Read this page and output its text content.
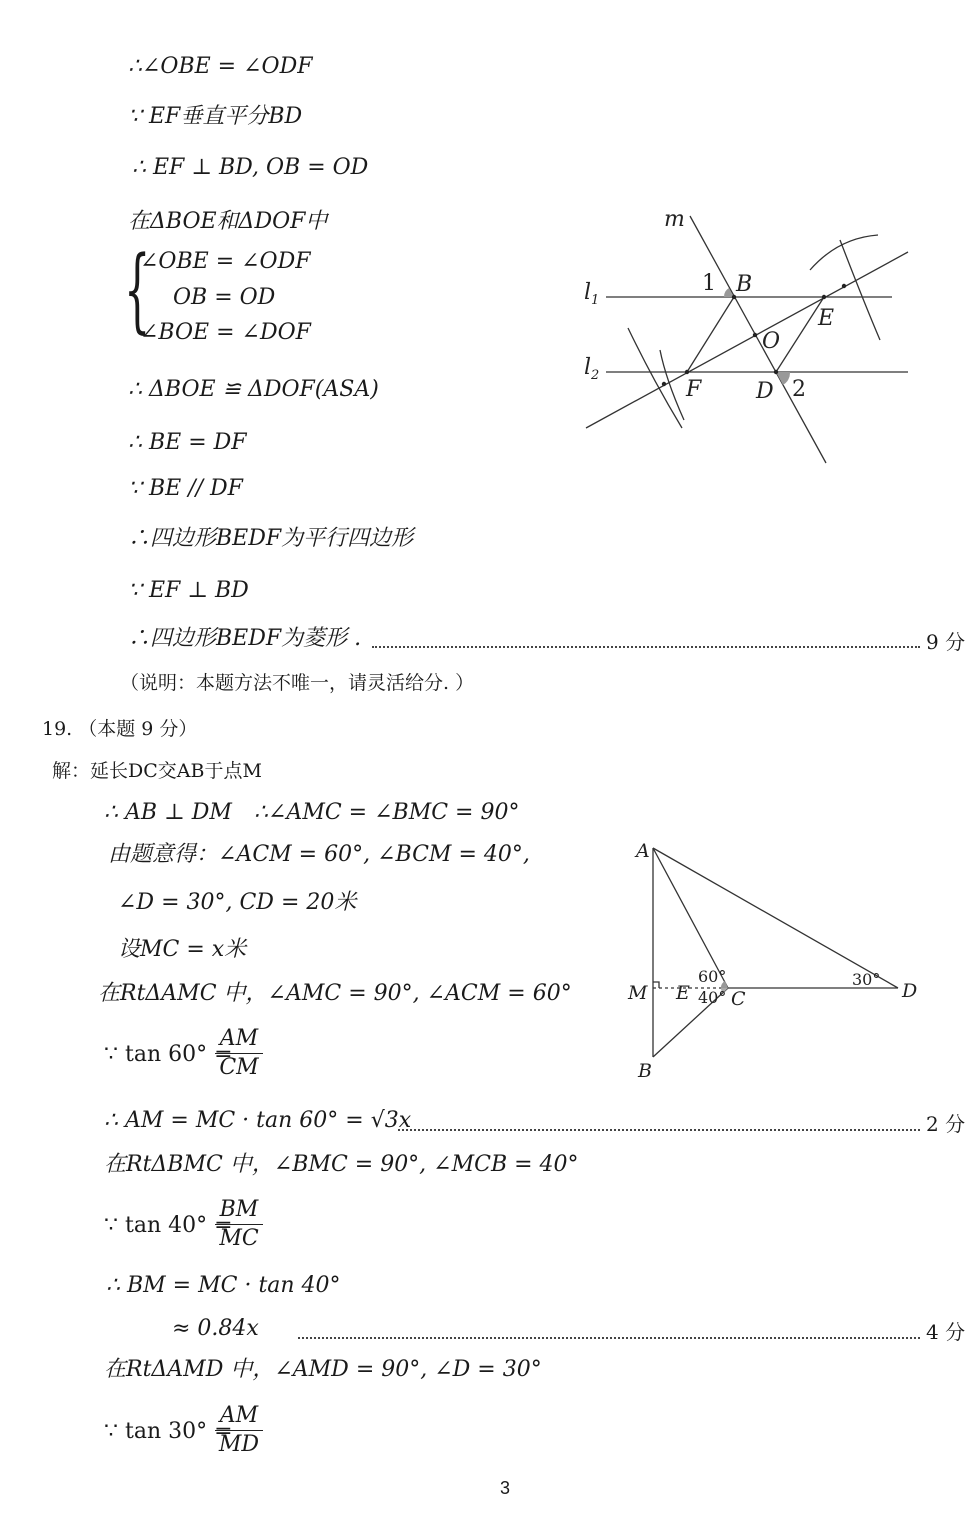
∴∠OBE = ∠ODF
∵ EF垂直平分BD
∴ EF ⊥ BD, OB = OD
在ΔBOE和ΔDOF中
{
∠OBE = ∠ODF
OB = OD
∠BOE = ∠DOF
∴ ΔBOE ≌ ΔDOF(ASA)
∴ BE = DF
∵ BE // DF
∴四边形BEDF为平行四边形
∵ EF ⊥ BD
∴四边形BEDF为菱形 .	9 分
（说明：本题方法不唯一，请灵活给分. ）
m
$l_1$
$l_2$
1 B
E
O
F D 2
19. （本题 9 分）
解：延长DC交AB于点M
∴ AB ⊥ DM ∴∠AMC = ∠BMC = 90°
由题意得：∠ACM = 60°, ∠BCM = 40°,
∠D = 30°, CD = 20米
设MC = x米
在RtΔAMC 中，∠AMC = 90°, ∠ACM = 60°
∵ tan 60° =
$\frac{AM}{CM}$
∴ AM = MC · tan 60° = √3x	2 分
在RtΔBMC 中，∠BMC = 90°, ∠MCB = 40°
∵ tan 40° =
$\frac{BM}{MC}$
∴ BM = MC · tan 40°
≈ 0.84x	4 分
在RtΔAMD 中，∠AMD = 90°, ∠D = 30°
∵ tan 30° =
$\frac{AM}{MD}$
A
M E C	D
B
60°
40°
30°
3
